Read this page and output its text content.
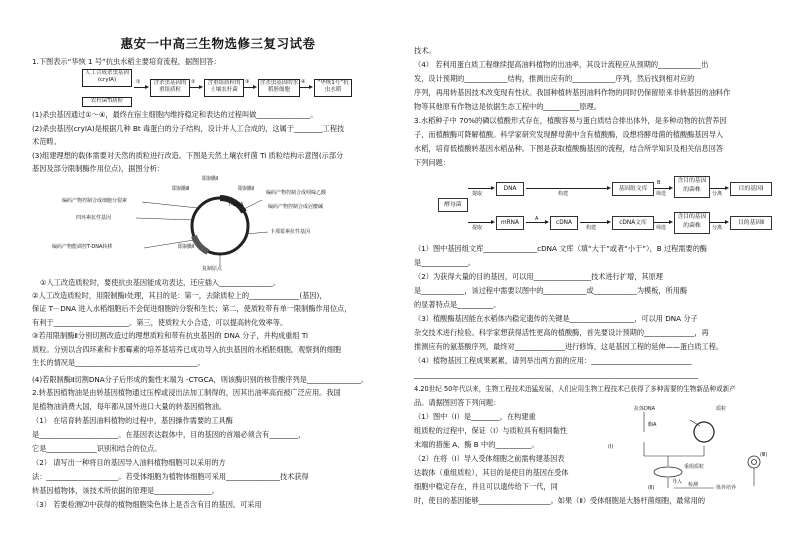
惠安一中高三生物选修三复习试卷
1.下图表示“华恢 1 号”抗虫水稻主要培育流程，据图回答：
人工合成杀虫基因(cryIA)
农杆菌Ti质粒
①	含杀虫基因的重组质粒
②	含重组质粒的土壤农杆菌
③	含杀虫基因的水稻胚细胞
④	“华恢1号”抗虫水稻
(1)杀虫基因通过①～④，最终在宿主细胞内维持稳定和表达的过程叫做_______________。
(2)杀虫基因(cryIA)是根据几种 Bt 毒蛋白的分子结构，设计并人工合成的，这属于________工程技
术范畴。
(3)组建理想的载体需要对天然的质粒进行改造。下图是天然土壤农杆菌 Ti 质粒结构示意图(示部分
基因及部分限制酶作用位点)，据图分析：
限制酶Ⅰ
限制酶Ⅱ	限制酶Ⅰ
编码产物控制合成细胞分裂素
四环素抗性基因
编码产物能调控T-DNA转移
编码产物控制合成吲哚乙酸
卡那霉素抗性基因
复制原点
编码产物控制合成冠瘿碱
限制酶Ⅰ
T-DNA
①人工改造质粒时，要使抗虫基因能成功表达，还应插入_______________。
②人工改造质粒时，用限制酶Ⅰ处理，其目的是：第一，去除质粒上的______________(基因)，
保证 T－DNA 进入水稻细胞后不会促进细胞的分裂和生长；第二，使质粒带有单一限制酶作用位点，
有利于_____________________。第三，使质粒大小合适，可以提高转化效率等。
③若用限制酶Ⅱ分别切割改造过的理想质粒和带有抗虫基因的 DNA 分子，并构成重组 Ti
质粒。分别以含四环素和卡那霉素的培养基培养已成功导入抗虫基因的水稻胚细胞，观察到的细胞
生长的情况是__________________________________。
(4)若限制酶Ⅱ切割DNA分子后形成的黏性末端为 -CTGCA，则该酶识别的核苷酸序列是_______________。
2.转基因植物油是由转基因植物通过压榨或浸出法加工制得的，因其出油率高而被广泛应用。我国
是植物油消费大国，每年都从国外进口大量的转基因植物油。
（1） 在培育转基因油料植物的过程中，基因操作需要的工具酶
是______________________。在基因表达载体中，目的基因的首端必须含有________，
它是______________识别和结合的位点。
（2） 请写出一种将目的基因导入油料植物细胞可以采用的方
法：____________________。若受体细胞为植物体细胞可采用_______________技术获得
转基因植物体，该技术所依据的原理是________________。
（3） 若要检测⑵中获得的植物细胞染色体上是否含有目的基因，可采用
技术。
（4） 若利用蛋白质工程继续提高油料植物的出油率，其设计流程应从预期的____________出
发，设计预期的____________结构，推测出应有的____________序列，然后找到相对应的
序列，再用转基因技术改变现有性状。我国种植转基因油料作物的同时仍保留原来非转基因的油料作
物等其他原有作物这是依据生态工程中的__________原理。
3.水稻种子中 70%的磷以植酸形式存在，植酸容易与蛋白质结合排出体外，是多种动物的抗营养因
子，而植酸酶可降解植酸。科学家研究发现酵母菌中含有植酸酶，设想将酵母菌的植酸酶基因导入
水稻，培育低植酸转基因水稻品种。下图是获取植酸酶基因的流程，结合所学知识及相关信息回答
下列问题：
酵母菌
提取
提取
DNA
mRNA
A
cDNA
构建
构建
基因组文库
cDNA文库
B
筛选
筛选
含目的基因的菌株
含目的基因的菌株
分离
分离
目的基因Ⅰ
目的基因Ⅱ
（1）图中基因组文库_______________cDNA 文库（填“大于”或者“小于”），B 过程需要的酶
是_____________。
（2）为获得大量的目的基因，可以用________________技术进行扩增，其原理
是____________，该过程中需要以图中的____________或____________为模板，所用酶
的显著特点是__________。
（3）植酸酶基因能在水稻体内稳定遗传的关键是__________________，可以用 DNA 分子
杂交技术进行检验。科学家想获得活性更高的植酸酶，首先要设计预期的______________，再
推测应有的氨基酸序列，最终对______________进行修饰，这是基因工程的延伸——蛋白质工程。
（4）植物基因工程成果累累，请列举出两方面的应用：____________________________
_______________________________________________________________________________
4.20世纪 50年代以来，生物工程技术迅猛发展，人们应用生物工程技术已获得了多种需要的生物新品种或新产
品。请据图回答下列问题：
（1）图中（Ⅰ）是________，在构建重
组质粒的过程中，保证（Ⅰ）与质粒具有相同黏性
末端的措施 A、酶 B 中的__________。
（2）在将（Ⅰ）导入受体细胞之前需构建基因表
达载体（重组质粒），其目的是使目的基因在受体
细胞中稳定存在，并且可以遗传给下一代，同
时，使目的基因能够____________________。如果（Ⅱ）受体细胞是大肠杆菌细胞，最常用的
抗体DNA	质粒
酶A
(Ⅰ)
重组质粒
导入
(Ⅱ)	检测	体外培养
(Ⅲ)
